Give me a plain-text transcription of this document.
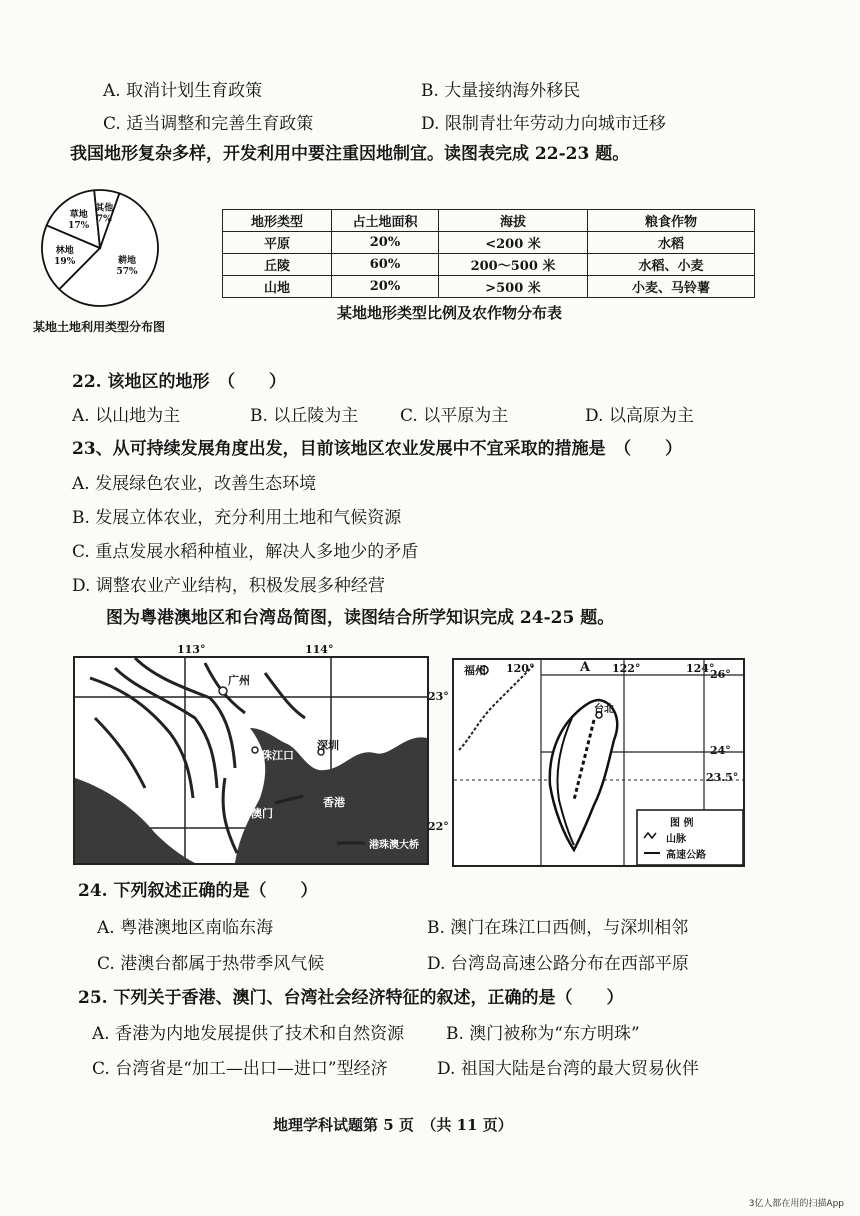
A. 取消计划生育政策	B. 大量接纳海外移民
C. 适当调整和完善生育政策	D. 限制青壮年劳动力向城市迁移
我国地形复杂多样，开发利用中要注重因地制宜。读图表完成 22-23 题。
耕地
57%
林地
19%
草地
17%
其他
7%
某地土地利用类型分布图
地形类型	占土地面积	海拔	粮食作物
平原	20%	<200 米	水稻
丘陵	60%	200～500 米	水稻、小麦
山地	20%	>500 米	小麦、马铃薯
某地地形类型比例及农作物分布表
22. 该地区的地形　（　　）
A. 以山地为主	B. 以丘陵为主 C. 以平原为主	D. 以高原为主
23、从可持续发展角度出发，目前该地区农业发展中不宜采取的措施是　（　　）
A. 发展绿色农业，改善生态环境
B. 发展立体农业，充分利用土地和气候资源
C. 重点发展水稻种植业，解决人多地少的矛盾
D. 调整农业产业结构，积极发展多种经营
图为粤港澳地区和台湾岛简图，读图结合所学知识完成 24-25 题。
广州
珠江口
深圳
珠海
澳门
香港
港珠澳大桥
113°	114°
23°
22°
福州 120°	A 122°	124°
26°
24°
23.5°
台北
图 例
山脉
高速公路
24. 下列叙述正确的是（　　）
A. 粤港澳地区南临东海	B. 澳门在珠江口西侧，与深圳相邻
C. 港澳台都属于热带季风气候	D. 台湾岛高速公路分布在西部平原
25. 下列关于香港、澳门、台湾社会经济特征的叙述，正确的是（　　）
A. 香港为内地发展提供了技术和自然资源 B. 澳门被称为“东方明珠”
C. 台湾省是“加工—出口—进口”型经济	D. 祖国大陆是台湾的最大贸易伙伴
地理学科试题第 5 页　（共 11 页）
3亿人都在用的扫描App
